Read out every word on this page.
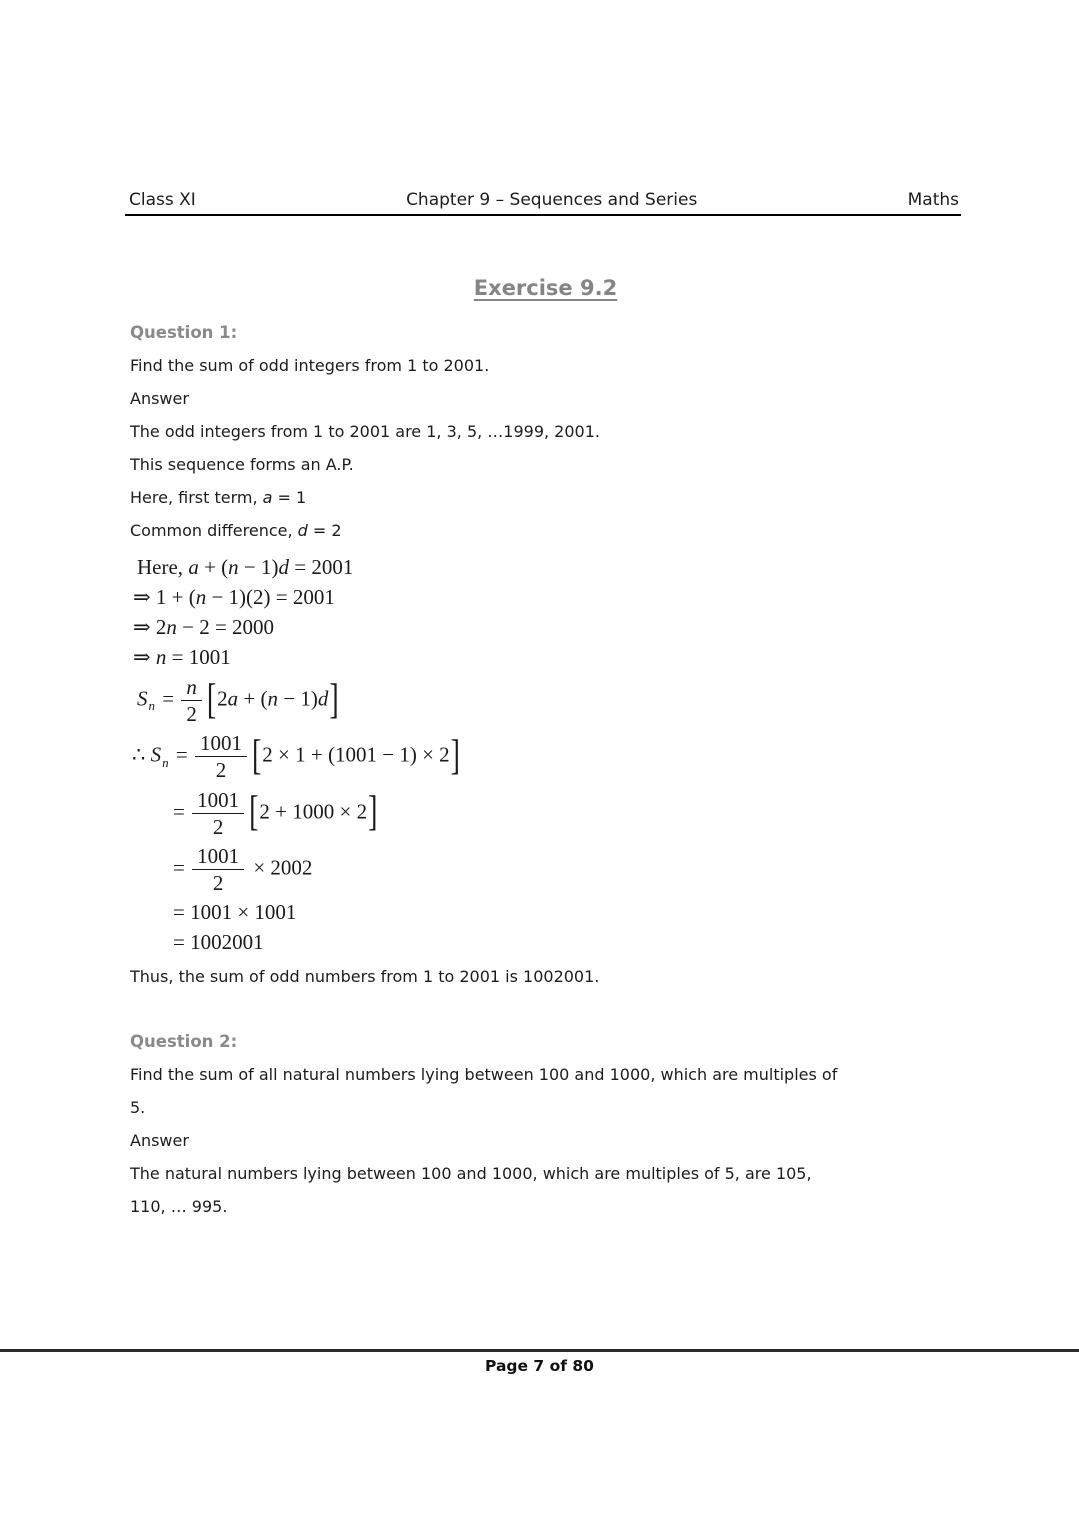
Class XI	Chapter 9 – Sequences and Series	Maths
Exercise 9.2

Question 1:

Find the sum of odd integers from 1 to 2001.

Answer

The odd integers from 1 to 2001 are 1, 3, 5, …1999, 2001.

This sequence forms an A.P.

Here, first term, a = 1

Common difference, d = 2

Here, a + (n − 1)d = 2001
⇒ 1 + (n − 1)(2) = 2001
⇒ 2n − 2 = 2000
⇒ n = 1001
$S_n = \frac{n}{2} [2a + (n - 1)d]$
∴ $S_n = \frac{1001}{2} [2 \times 1 + (1001 - 1) \times 2]$
= $\frac{1001}{2} [2 + 1000 \times 2]$
= $\frac{1001}{2} \times 2002$
= 1001 × 1001
= 1002001

Thus, the sum of odd numbers from 1 to 2001 is 1002001.

Question 2:

Find the sum of all natural numbers lying between 100 and 1000, which are multiples of

5.

Answer

The natural numbers lying between 100 and 1000, which are multiples of 5, are 105,

110, … 995.

Page 7 of 80
